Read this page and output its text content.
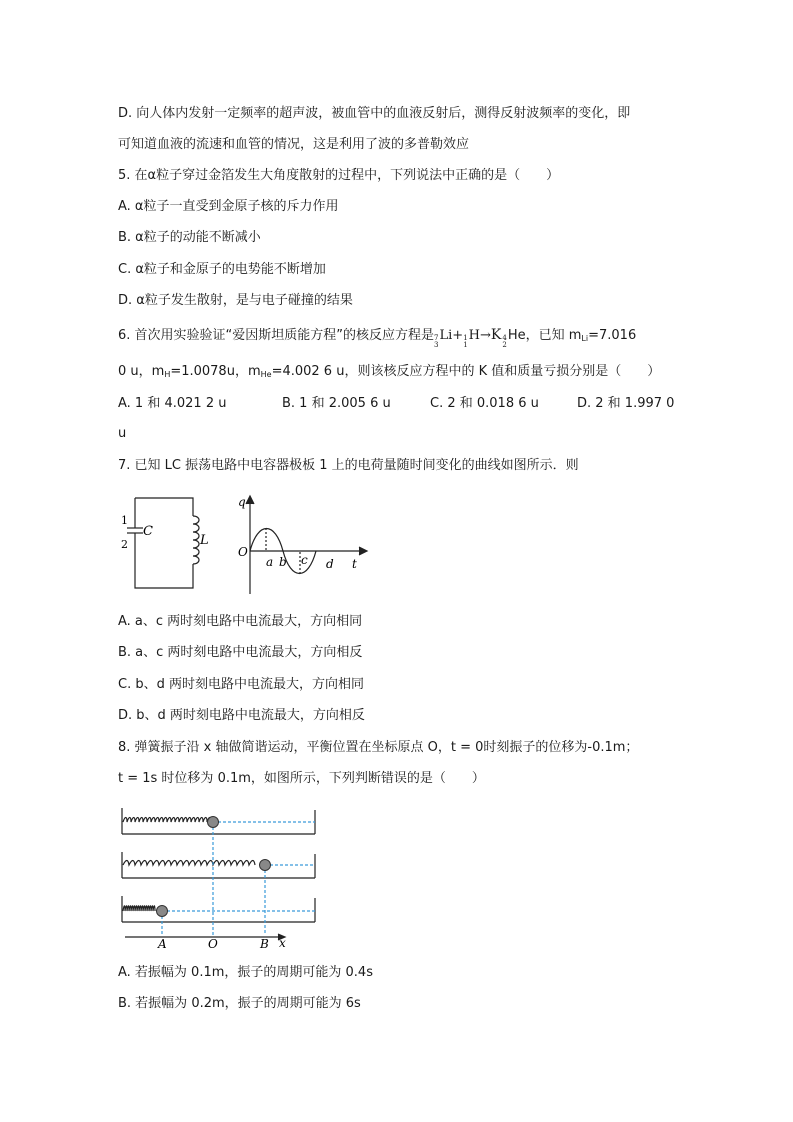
D. 向人体内发射一定频率的超声波，被血管中的血液反射后，测得反射波频率的变化，即
可知道血液的流速和血管的情况，这是利用了波的多普勒效应
5. 在α粒子穿过金箔发生大角度散射的过程中，下列说法中正确的是（　　）
A. α粒子一直受到金原子核的斥力作用
B. α粒子的动能不断减小
C. α粒子和金原子的电势能不断增加
D. α粒子发生散射，是与电子碰撞的结果
6. 首次用实验验证“爱因斯坦质能方程”的核反应方程是 7
3
Li+ 1
1
H→K 4
2
He，已知 $m_{Li}=7.016$
0 u，$m_H=1.0078u$，$m_{He}=4.002$ 6 u，则该核反应方程中的 K 值和质量亏损分别是（　　）
A. 1 和 4.021 2 u	B. 1 和 2.005 6 u	C. 2 和 0.018 6 u	D. 2 和 1.997 0
u
7. 已知 LC 振荡电路中电容器极板 1 上的电荷量随时间变化的曲线如图所示．则
1
2
C
L
q
O
t
a b c d
A. a、c 两时刻电路中电流最大，方向相同
B. a、c 两时刻电路中电流最大，方向相反
C. b、d 两时刻电路中电流最大，方向相同
D. b、d 两时刻电路中电流最大，方向相反
8. 弹簧振子沿 x 轴做简谐运动，平衡位置在坐标原点 O，t = 0时刻振子的位移为-0.1m；
t = 1s 时位移为 0.1m，如图所示，下列判断错误的是（　　）
A	O	B x
A. 若振幅为 0.1m，振子的周期可能为 0.4s
B. 若振幅为 0.2m，振子的周期可能为 6s
